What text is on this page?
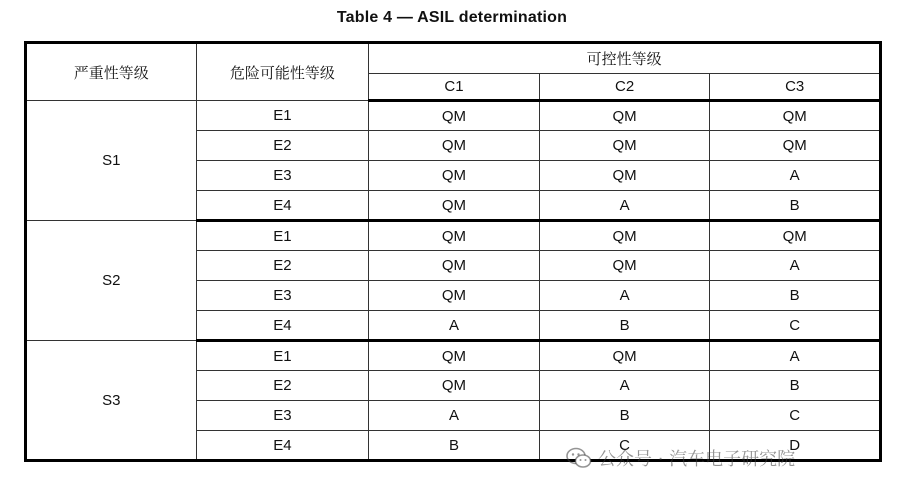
Table 4 — ASIL determination
严重性等级	危险可能性等级	可控性等级		
		C1	C2	C3
S1	E1	QM	QM	QM
	E2	QM	QM	QM
	E3	QM	QM	A
	E4	QM	A	B
S2	E1	QM	QM	QM
	E2	QM	QM	A
	E3	QM	A	B
	E4	A	B	C
S3	E1	QM	QM	A
	E2	QM	A	B
	E3	A	B	C
	E4	B	C	D
公众号 · 汽车电子研究院
